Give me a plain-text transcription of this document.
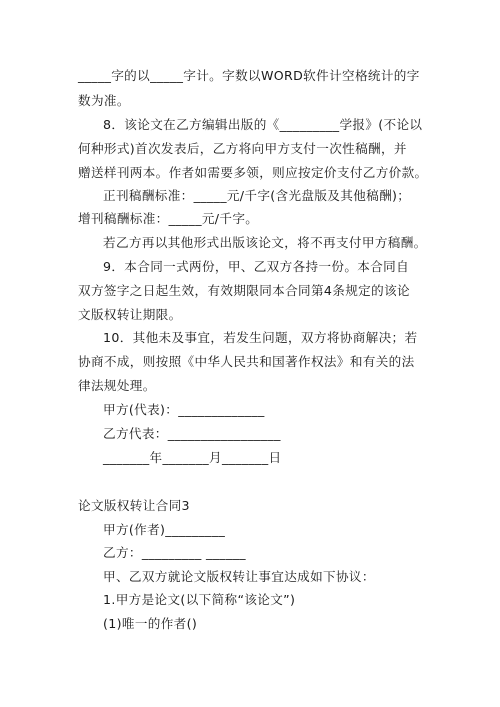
_____字的以_____字计。字数以WORD软件计空格统计的字
数为准。
8．该论文在乙方编辑出版的《_________学报》(不论以
何种形式)首次发表后，乙方将向甲方支付一次性稿酬，并
赠送样刊两本。作者如需要多领，则应按定价支付乙方价款。
正刊稿酬标准：_____元/千字(含光盘版及其他稿酬)；
增刊稿酬标准：_____元/千字。
若乙方再以其他形式出版该论文，将不再支付甲方稿酬。
9．本合同一式两份，甲、乙双方各持一份。本合同自
双方签字之日起生效，有效期限同本合同第4条规定的该论
文版权转让期限。
10．其他未及事宜，若发生问题，双方将协商解决；若
协商不成，则按照《中华人民共和国著作权法》和有关的法
律法规处理。
甲方(代表)：_____________
乙方代表：_________________
_______年_______月_______日
论文版权转让合同3
甲方(作者)_________
乙方：_________ ______
甲、乙双方就论文版权转让事宜达成如下协议：
1.甲方是论文(以下简称“该论文”)
(1)唯一的作者()
